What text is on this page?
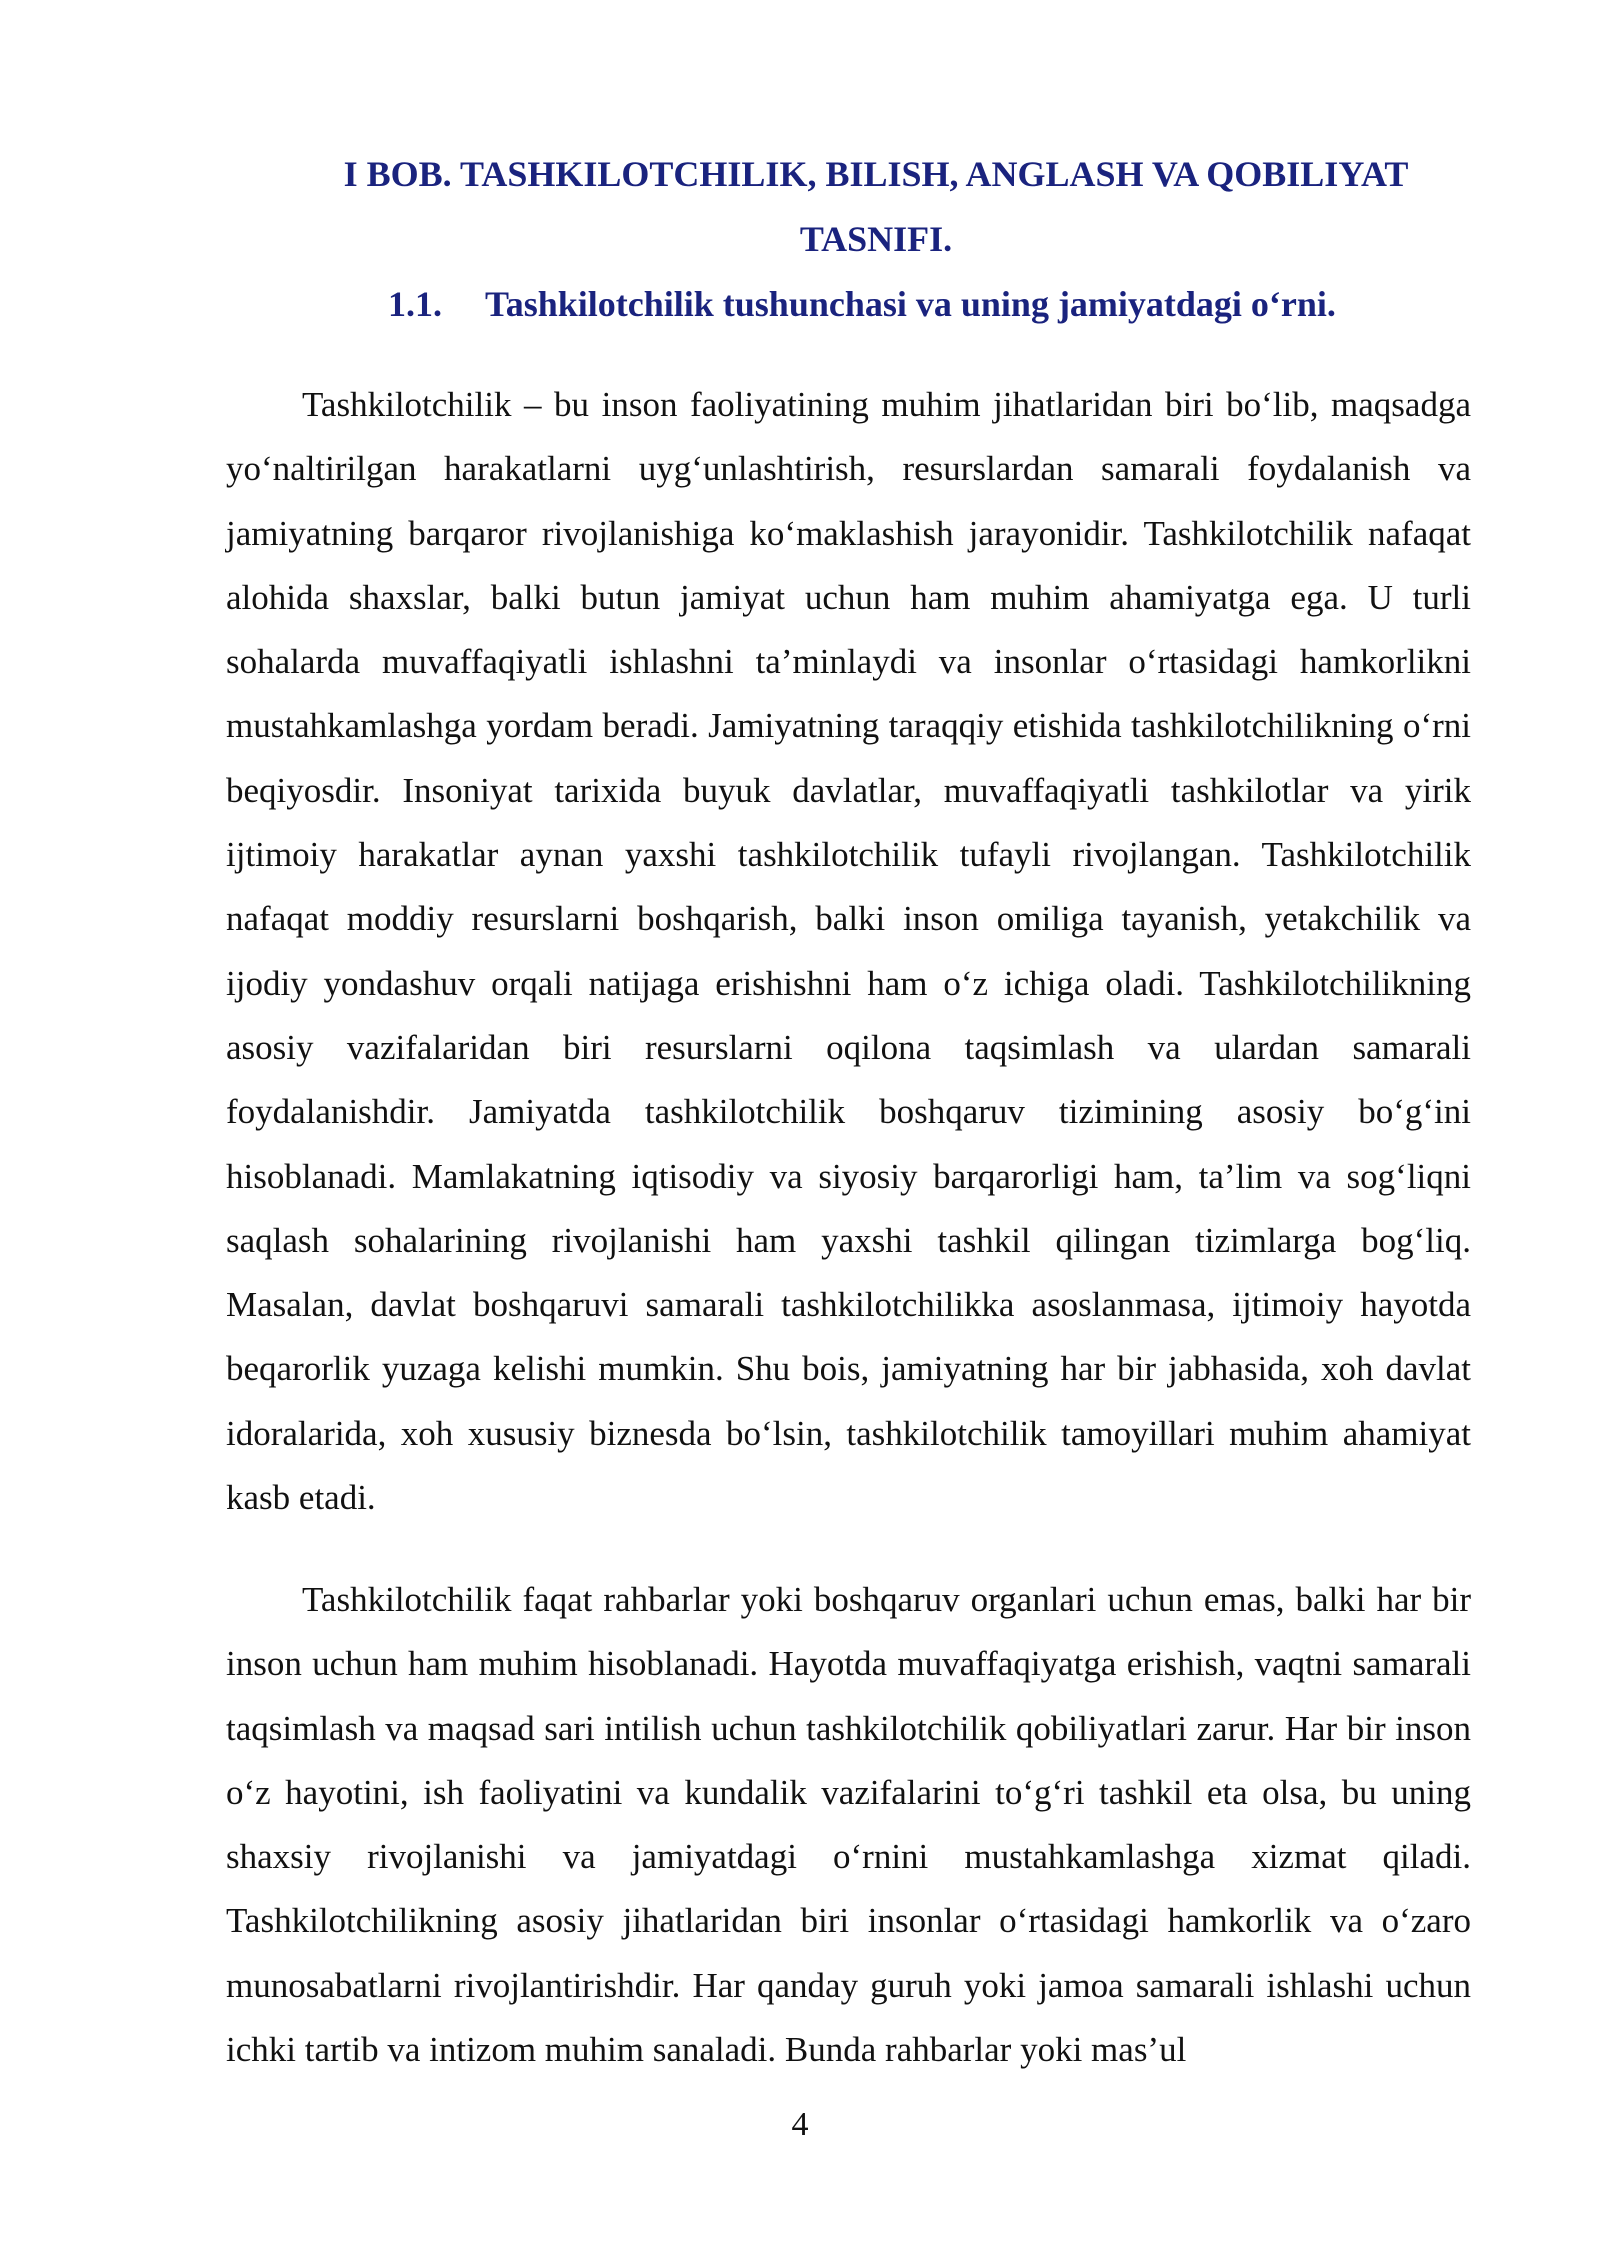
I BOB. TASHKILOTCHILIK, BILISH, ANGLASH VA QOBILIYAT
TASNIFI.
1.1. Tashkilotchilik tushunchasi va uning jamiyatdagi o‘rni.

Tashkilotchilik – bu inson faoliyatining muhim jihatlaridan biri bo‘lib, maqsadga yo‘naltirilgan harakatlarni uyg‘unlashtirish, resurslardan samarali foydalanish va jamiyatning barqaror rivojlanishiga ko‘maklashish jarayonidir. Tashkilotchilik nafaqat alohida shaxslar, balki butun jamiyat uchun ham muhim ahamiyatga ega. U turli sohalarda muvaffaqiyatli ishlashni ta’minlaydi va insonlar o‘rtasidagi hamkorlikni mustahkamlashga yordam beradi. Jamiyatning taraqqiy etishida tashkilotchilikning o‘rni beqiyosdir. Insoniyat tarixida buyuk davlatlar, muvaffaqiyatli tashkilotlar va yirik ijtimoiy harakatlar aynan yaxshi tashkilotchilik tufayli rivojlangan. Tashkilotchilik nafaqat moddiy resurslarni boshqarish, balki inson omiliga tayanish, yetakchilik va ijodiy yondashuv orqali natijaga erishishni ham o‘z ichiga oladi. Tashkilotchilikning asosiy vazifalaridan biri resurslarni oqilona taqsimlash va ulardan samarali foydalanishdir. Jamiyatda tashkilotchilik boshqaruv tizimining asosiy bo‘g‘ini hisoblanadi. Mamlakatning iqtisodiy va siyosiy barqarorligi ham, ta’lim va sog‘liqni saqlash sohalarining rivojlanishi ham yaxshi tashkil qilingan tizimlarga bog‘liq. Masalan, davlat boshqaruvi samarali tashkilotchilikka asoslanmasa, ijtimoiy hayotda beqarorlik yuzaga kelishi mumkin. Shu bois, jamiyatning har bir jabhasida, xoh davlat idoralarida, xoh xususiy biznesda bo‘lsin, tashkilotchilik tamoyillari muhim ahamiyat kasb etadi.

Tashkilotchilik faqat rahbarlar yoki boshqaruv organlari uchun emas, balki har bir inson uchun ham muhim hisoblanadi. Hayotda muvaffaqiyatga erishish, vaqtni samarali taqsimlash va maqsad sari intilish uchun tashkilotchilik qobiliyatlari zarur. Har bir inson o‘z hayotini, ish faoliyatini va kundalik vazifalarini to‘g‘ri tashkil eta olsa, bu uning shaxsiy rivojlanishi va jamiyatdagi o‘rnini mustahkamlashga xizmat qiladi. Tashkilotchilikning asosiy jihatlaridan biri insonlar o‘rtasidagi hamkorlik va o‘zaro munosabatlarni rivojlantirishdir. Har qanday guruh yoki jamoa samarali ishlashi uchun ichki tartib va intizom muhim sanaladi. Bunda rahbarlar yoki mas’ul

4
